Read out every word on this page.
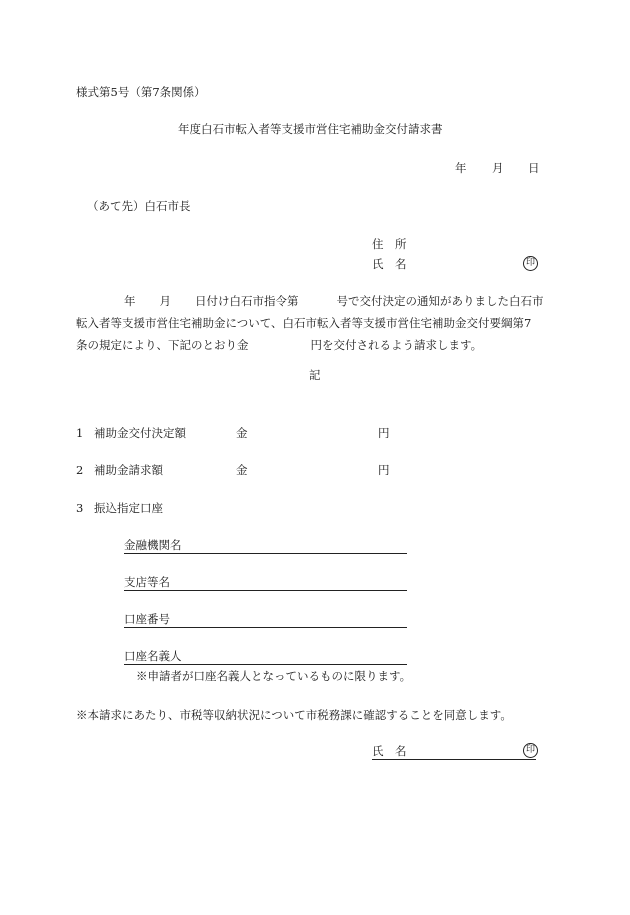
様式第5号（第7条関係）
年度白石市転入者等支援市営住宅補助金交付請求書
年 月 日
（あて先）白石市長
住　所
氏　名	印
年 月 日付け白石市指令第	号で交付決定の通知がありました白石市
転入者等支援市営住宅補助金について、白石市転入者等支援市営住宅補助金交付要綱第7
条の規定により、下記のとおり金	円を交付されるよう請求します。
記
1 補助金交付決定額	金	円
2 補助金請求額	金	円
3 振込指定口座
金融機関名
支店等名
口座番号
口座名義人
※申請者が口座名義人となっているものに限ります。
※本請求にあたり、市税等収納状況について市税務課に確認することを同意します。
氏　名	印
